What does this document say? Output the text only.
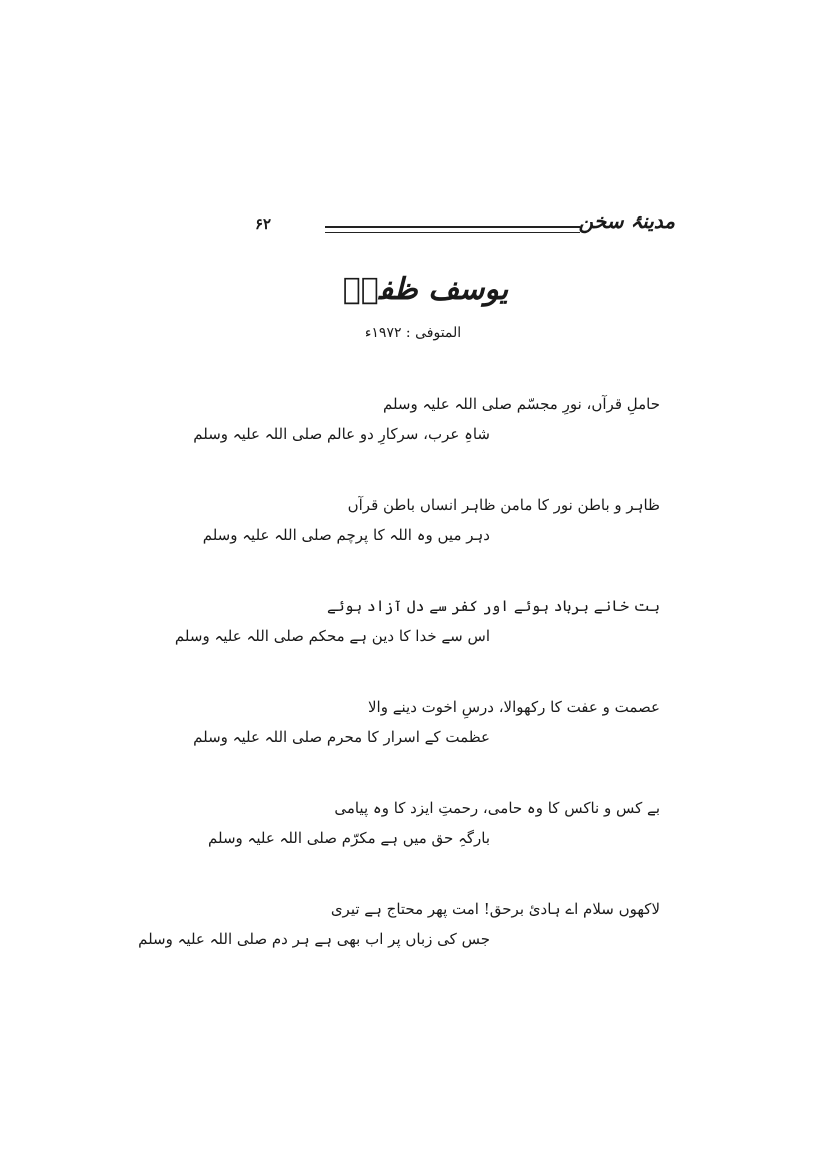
۶۲	مدینۂ سخن
یوسف ظفرؔ
المتوفی : ۱۹۷۲ء
حاملِ قرآں، نورِ مجسّم صلی اللہ علیہ وسلم
شاہِ عرب، سرکارِ دو عالم صلی اللہ علیہ وسلم
ظاہر و باطن نور کا مامن ظاہر انساں باطن قرآں
دہر میں وہ اللہ کا پرچم صلی اللہ علیہ وسلم
بت خانے برباد ہوئے اور کفر سے دل آزاد ہوئے
اس سے خدا کا دین ہے محکم صلی اللہ علیہ وسلم
عصمت و عفت کا رکھوالا، درسِ اخوت دینے والا
عظمت کے اسرار کا محرم صلی اللہ علیہ وسلم
بے کس و ناکس کا وہ حامی، رحمتِ ایزد کا وہ پیامی
بارگہِ حق میں ہے مکرّم صلی اللہ علیہ وسلم
لاکھوں سلام اے ہادیٔ برحق! امت پھر محتاج ہے تیری
جس کی زباں پر اب بھی ہے ہر دم صلی اللہ علیہ وسلم
